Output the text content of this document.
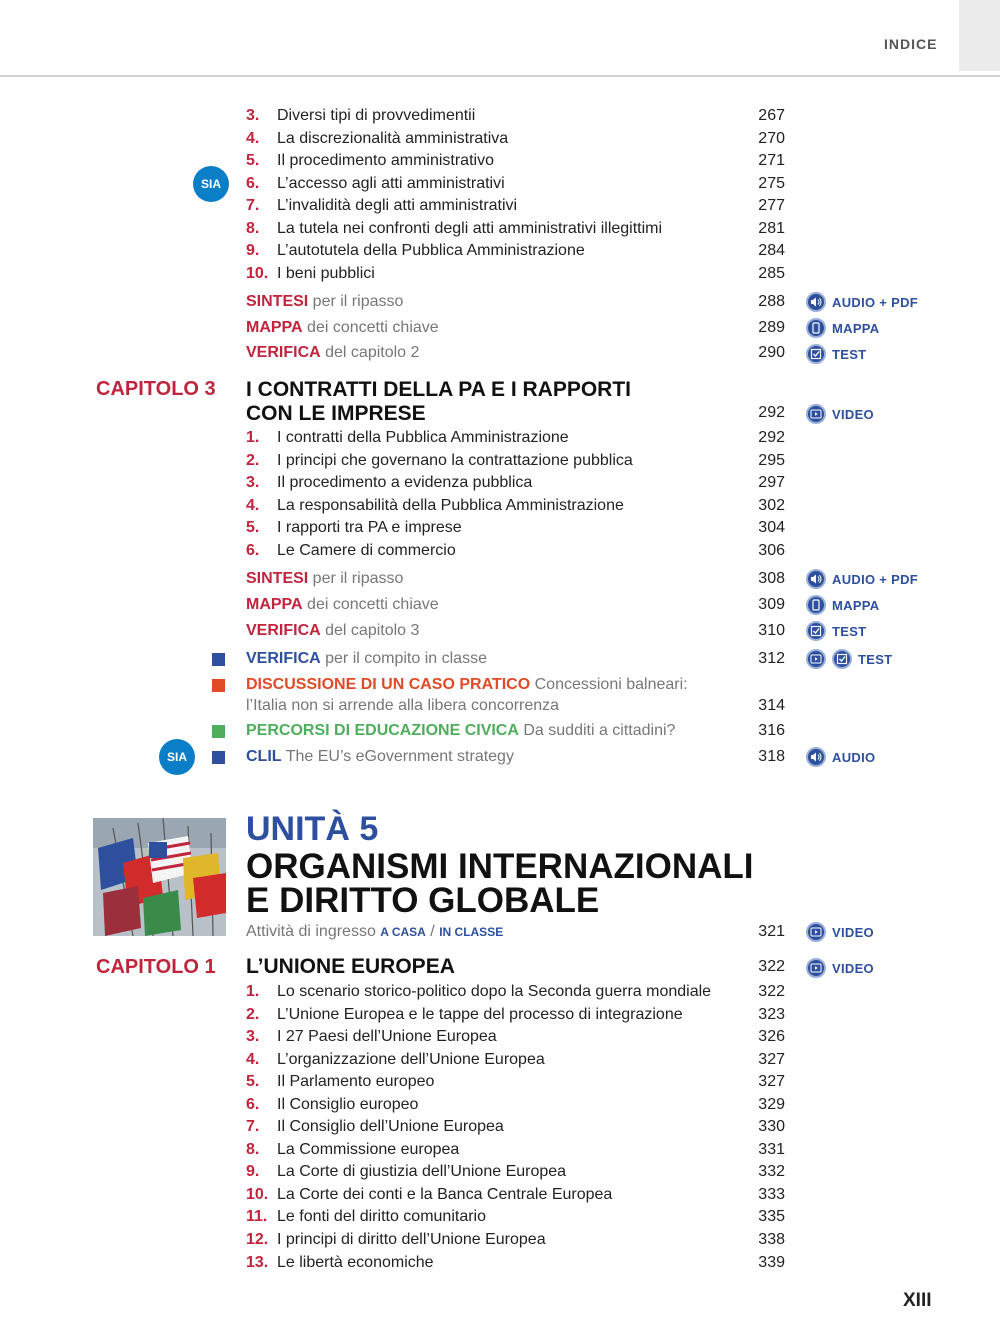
INDICE
3. Diversi tipi di provvedimentii	267
4. La discrezionalità amministrativa	270
5. Il procedimento amministrativo	271
6. L’accesso agli atti amministrativi	275
7. L’invalidità degli atti amministrativi	277
8. La tutela nei confronti degli atti amministrativi illegittimi	281
9. L’autotutela della Pubblica Amministrazione	284
10. I beni pubblici	285
SIA
SINTESI per il ripasso	288	AUDIO + PDF
MAPPA dei concetti chiave	289	MAPPA
VERIFICA del capitolo 2	290	TEST
CAPITOLO 3 I CONTRATTI DELLA PA E I RAPPORTI
CON LE IMPRESE	292	VIDEO
1. I contratti della Pubblica Amministrazione	292
2. I principi che governano la contrattazione pubblica	295
3. Il procedimento a evidenza pubblica	297
4. La responsabilità della Pubblica Amministrazione	302
5. I rapporti tra PA e imprese	304
6. Le Camere di commercio	306
SINTESI per il ripasso	308	AUDIO + PDF
MAPPA dei concetti chiave	309	MAPPA
VERIFICA del capitolo 3	310	TEST
VERIFICA per il compito in classe	312	TEST
DISCUSSIONE DI UN CASO PRATICO Concessioni balneari:
l’Italia non si arrende alla libera concorrenza	314
PERCORSI DI EDUCAZIONE CIVICA Da sudditi a cittadini?	316
SIA	CLIL The EU’s eGovernment strategy	318	AUDIO
UNITÀ 5
ORGANISMI INTERNAZIONALI
E DIRITTO GLOBALE
Attività di ingresso A CASA / IN CLASSE	321	VIDEO
CAPITOLO 1 L’UNIONE EUROPEA	322	VIDEO
1. Lo scenario storico-politico dopo la Seconda guerra mondiale	322
2. L’Unione Europea e le tappe del processo di integrazione	323
3. I 27 Paesi dell’Unione Europea	326
4. L’organizzazione dell’Unione Europea	327
5. Il Parlamento europeo	327
6. Il Consiglio europeo	329
7. Il Consiglio dell’Unione Europea	330
8. La Commissione europea	331
9. La Corte di giustizia dell’Unione Europea	332
10. La Corte dei conti e la Banca Centrale Europea	333
11. Le fonti del diritto comunitario	335
12. I principi di diritto dell’Unione Europea	338
13. Le libertà economiche	339
XIII
